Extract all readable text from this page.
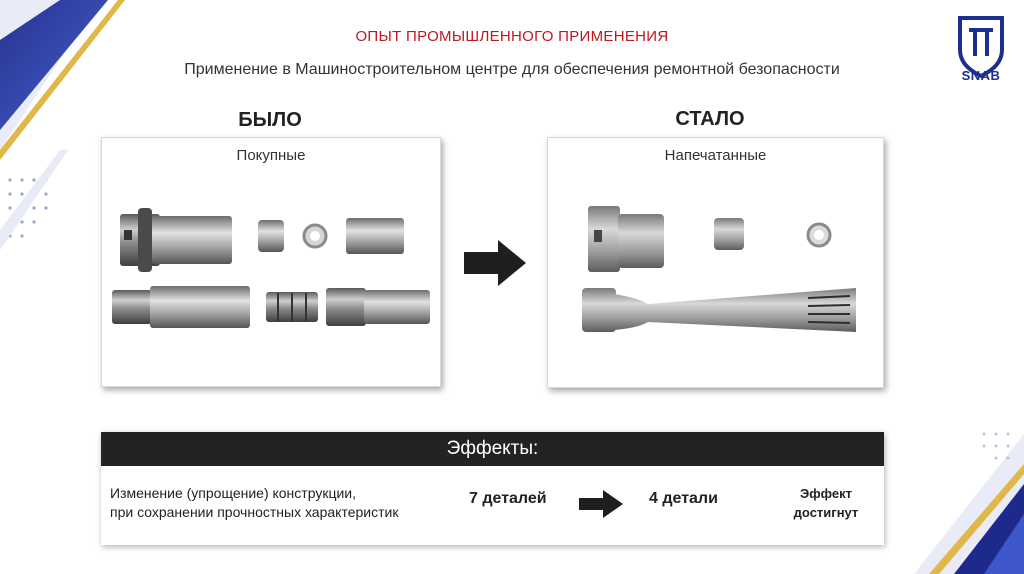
SNAB
ОПЫТ ПРОМЫШЛЕННОГО ПРИМЕНЕНИЯ
Применение в Машиностроительном центре для обеспечения ремонтной безопасности
БЫЛО	СТАЛО
Покупные	Напечатанные
Эффекты:
Изменение (упрощение) конструкции,
при сохранении прочностных характеристик
7 деталей	4 детали	Эффект
достигнут
